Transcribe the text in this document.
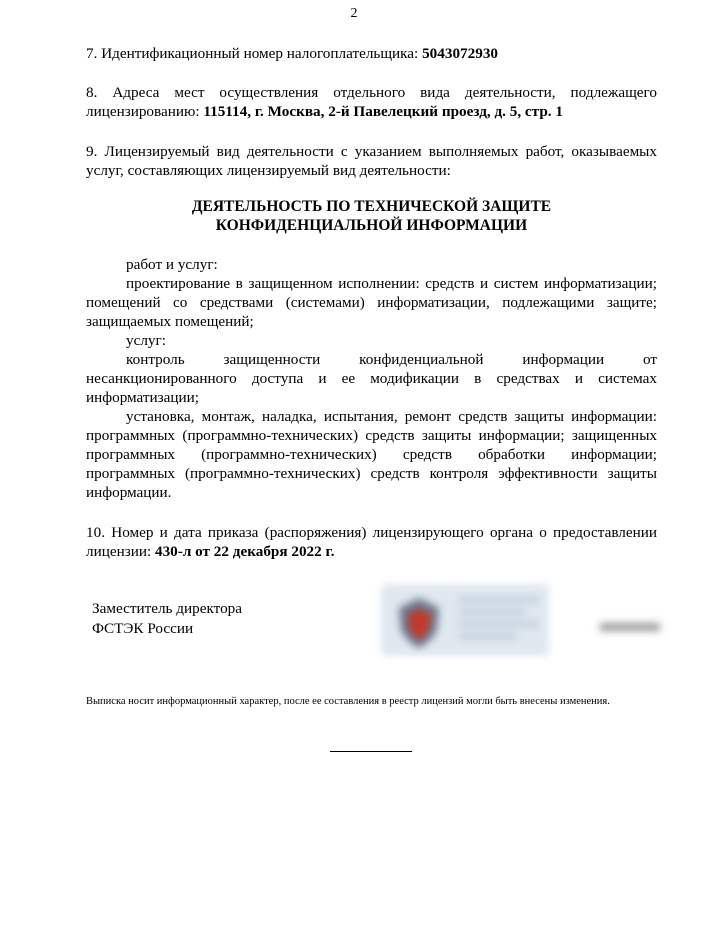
2
7. Идентификационный номер налогоплательщика: 5043072930
8. Адреса мест осуществления отдельного вида деятельности, подлежащего лицензированию: 115114, г. Москва, 2-й Павелецкий проезд, д. 5, стр. 1
9. Лицензируемый вид деятельности с указанием выполняемых работ, оказываемых услуг, составляющих лицензируемый вид деятельности:
ДЕЯТЕЛЬНОСТЬ ПО ТЕХНИЧЕСКОЙ ЗАЩИТЕ
КОНФИДЕНЦИАЛЬНОЙ ИНФОРМАЦИИ

работ и услуг:

проектирование в защищенном исполнении: средств и систем информатизации; помещений со средствами (системами) информатизации, подлежащими защите; защищаемых помещений;

услуг:

контроль защищенности конфиденциальной информации от несанкционированного доступа и ее модификации в средствах и системах информатизации;

установка, монтаж, наладка, испытания, ремонт средств защиты информации: программных (программно-технических) средств защиты информации; защищенных программных (программно-технических) средств обработки информации; программных (программно-технических) средств контроля эффективности защиты информации.

10. Номер и дата приказа (распоряжения) лицензирующего органа о предоставлении лицензии: 430-л от 22 декабря 2022 г.
Заместитель директора
ФСТЭК России
Выписка носит информационный характер, после ее составления в реестр лицензий могли быть внесены изменения.
